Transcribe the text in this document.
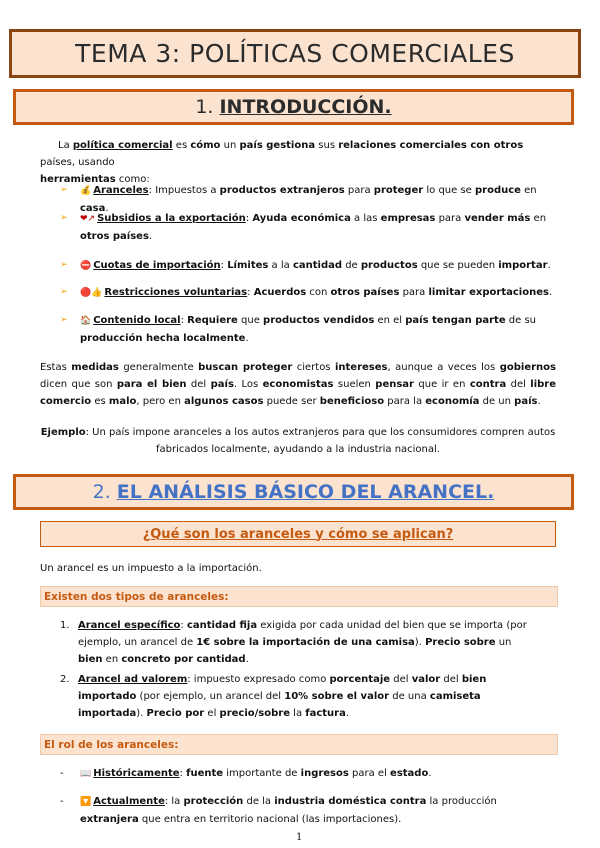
TEMA 3: POLÍTICAS COMERCIALES
1. INTRODUCCIÓN.
La política comercial es cómo un país gestiona sus relaciones comerciales con otros países, usando
herramientas como:
➢ 💰 Aranceles: Impuestos a productos extranjeros para proteger lo que se produce en casa.
➢ ❤↗ Subsidios a la exportación: Ayuda económica a las empresas para vender más en otros países.
➢ ⛔ Cuotas de importación: Límites a la cantidad de productos que se pueden importar.
➢ 🔴👍 Restricciones voluntarias: Acuerdos con otros países para limitar exportaciones.
➢ 🏠 Contenido local: Requiere que productos vendidos en el país tengan parte de su producción hecha localmente.
Estas medidas generalmente buscan proteger ciertos intereses, aunque a veces los gobiernos dicen que son para el bien del país. Los economistas suelen pensar que ir en contra del libre comercio es malo, pero en algunos casos puede ser beneficioso para la economía de un país.
Ejemplo: Un país impone aranceles a los autos extranjeros para que los consumidores compren autos fabricados localmente, ayudando a la industria nacional.
2. EL ANÁLISIS BÁSICO DEL ARANCEL.
¿Qué son los aranceles y cómo se aplican?
Un arancel es un impuesto a la importación.
Existen dos tipos de aranceles:
1. Arancel específico: cantidad fija exigida por cada unidad del bien que se importa (por ejemplo, un arancel de 1€ sobre la importación de una camisa). Precio sobre un bien en concreto por cantidad.
2. Arancel ad valorem: impuesto expresado como porcentaje del valor del bien importado (por ejemplo, un arancel del 10% sobre el valor de una camiseta importada). Precio por el precio/sobre la factura.
El rol de los aranceles:
- 📖 Históricamente: fuente importante de ingresos para el estado.
- 🔽 Actualmente: la protección de la industria doméstica contra la producción extranjera que entra en territorio nacional (las importaciones).
1
